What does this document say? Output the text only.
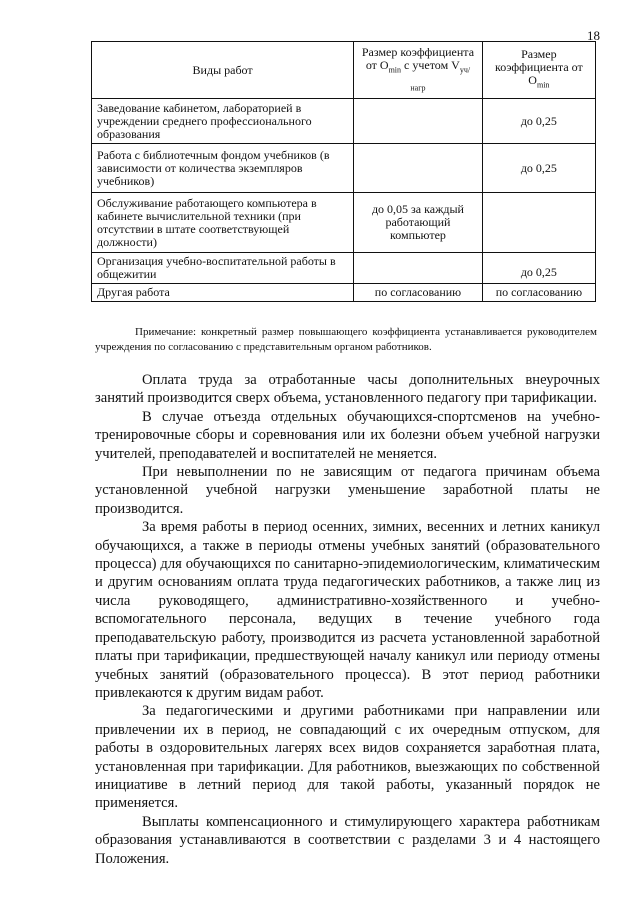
18
Виды работ	Размер коэффициента от $O_{min}$ с учетом $V_{уч/нагр}$	Размер коэффициента от $O_{min}$
Заведование кабинетом, лабораторией в учреждении среднего профессионального образования		до 0,25
Работа с библиотечным фондом учебников (в зависимости от количества экземпляров учебников)		до 0,25
Обслуживание работающего компьютера в кабинете вычислительной техники (при отсутствии в штате соответствующей должности)	до 0,05 за каждый работающий компьютер	
Организация учебно-воспитательной работы в общежитии		до 0,25
Другая работа	по согласованию	по согласованию
Примечание: конкретный размер повышающего коэффициента устанавливается руководителем учреждения по согласованию с представительным органом работников.

Оплата труда за отработанные часы дополнительных внеурочных занятий производится сверх объема, установленного педагогу при тарификации.

В случае отъезда отдельных обучающихся-спортсменов на учебно-тренировочные сборы и соревнования или их болезни объем учебной нагрузки учителей, преподавателей и воспитателей не меняется.

При невыполнении по не зависящим от педагога причинам объема установленной учебной нагрузки уменьшение заработной платы не производится.

За время работы в период осенних, зимних, весенних и летних каникул обучающихся, а также в периоды отмены учебных занятий (образовательного процесса) для обучающихся по санитарно-эпидемиологическим, климатическим и другим основаниям оплата труда педагогических работников, а также лиц из числа руководящего, административно-хозяйственного и учебно-вспомогательного персонала, ведущих в течение учебного года преподавательскую работу, производится из расчета установленной заработной платы при тарификации, предшествующей началу каникул или периоду отмены учебных занятий (образовательного процесса). В этот период работники привлекаются к другим видам работ.

За педагогическими и другими работниками при направлении или привлечении их в период, не совпадающий с их очередным отпуском, для работы в оздоровительных лагерях всех видов сохраняется заработная плата, установленная при тарификации. Для работников, выезжающих по собственной инициативе в летний период для такой работы, указанный порядок не применяется.

Выплаты компенсационного и стимулирующего характера работникам образования устанавливаются в соответствии с разделами 3 и 4 настоящего Положения.
